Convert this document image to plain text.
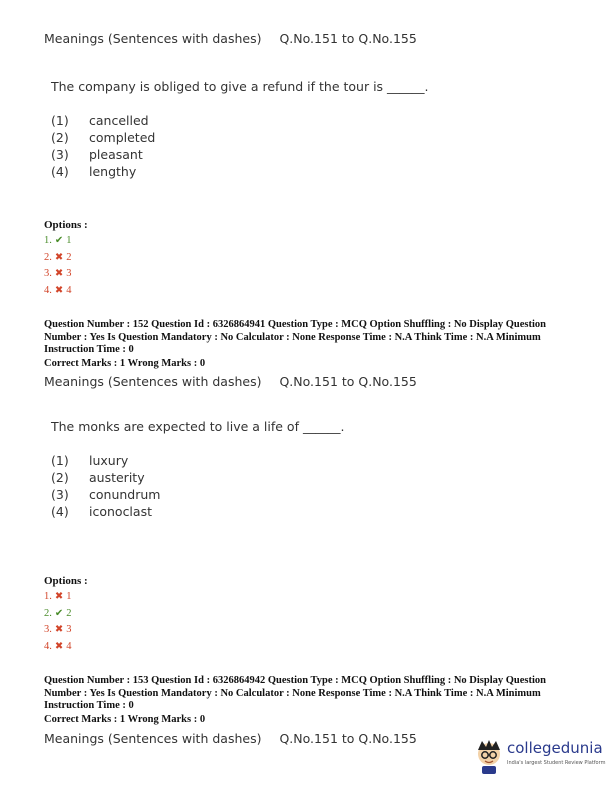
Meanings (Sentences with dashes) Q.No.151 to Q.No.155
The company is obliged to give a refund if the tour is ______.
(1) cancelled
(2) completed
(3) pleasant
(4) lengthy
Options :
1. ✔ 1
2. ✖ 2
3. ✖ 3
4. ✖ 4
Question Number : 152 Question Id : 6326864941 Question Type : MCQ Option Shuffling : No Display Question Number : Yes Is Question Mandatory : No Calculator : None Response Time : N.A Think Time : N.A Minimum Instruction Time : 0
Correct Marks : 1 Wrong Marks : 0
Meanings (Sentences with dashes) Q.No.151 to Q.No.155
The monks are expected to live a life of ______.
(1) luxury
(2) austerity
(3) conundrum
(4) iconoclast
Options :
1. ✖ 1
2. ✔ 2
3. ✖ 3
4. ✖ 4
Question Number : 153 Question Id : 6326864942 Question Type : MCQ Option Shuffling : No Display Question Number : Yes Is Question Mandatory : No Calculator : None Response Time : N.A Think Time : N.A Minimum Instruction Time : 0
Correct Marks : 1 Wrong Marks : 0
Meanings (Sentences with dashes) Q.No.151 to Q.No.155
collegedunia
India's largest Student Review Platform
